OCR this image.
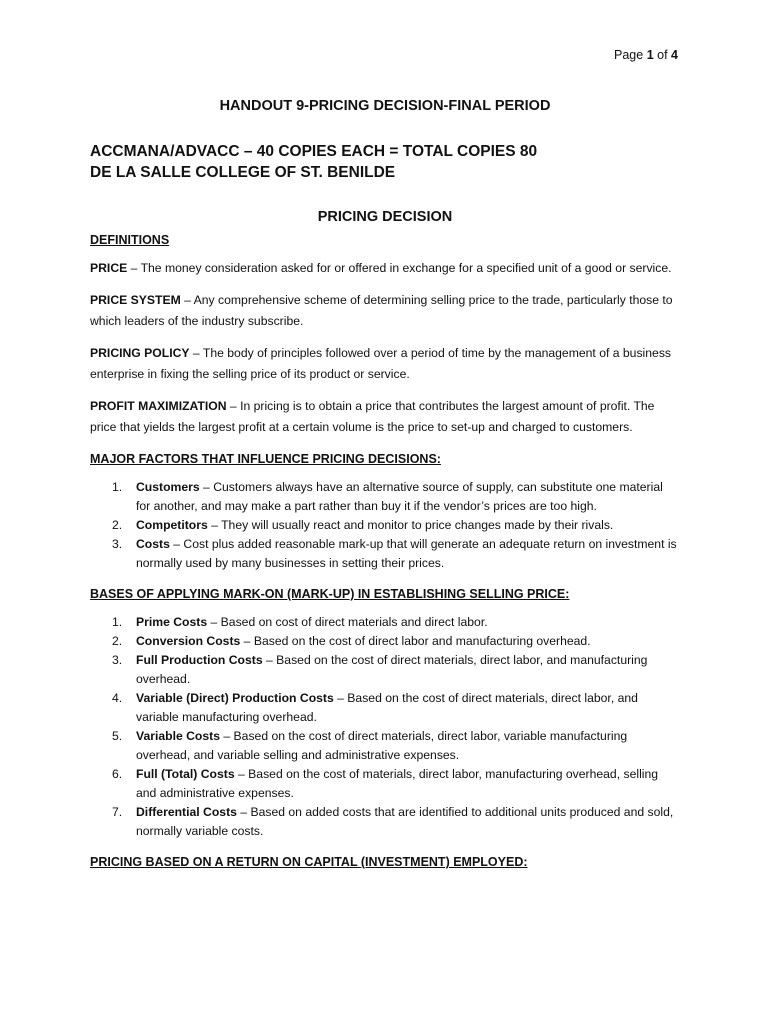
Page 1 of 4

HANDOUT 9-PRICING DECISION-FINAL PERIOD

ACCMANA/ADVACC – 40 COPIES EACH = TOTAL COPIES 80

DE LA SALLE COLLEGE OF ST. BENILDE

PRICING DECISION

DEFINITIONS

PRICE – The money consideration asked for or offered in exchange for a specified unit of a good or service.

PRICE SYSTEM – Any comprehensive scheme of determining selling price to the trade, particularly those to which leaders of the industry subscribe.

PRICING POLICY – The body of principles followed over a period of time by the management of a business enterprise in fixing the selling price of its product or service.

PROFIT MAXIMIZATION – In pricing is to obtain a price that contributes the largest amount of profit. The price that yields the largest profit at a certain volume is the price to set-up and charged to customers.

MAJOR FACTORS THAT INFLUENCE PRICING DECISIONS:

1.	Customers – Customers always have an alternative source of supply, can substitute one material for another, and may make a part rather than buy it if the vendor’s prices are too high.
2.	Competitors – They will usually react and monitor to price changes made by their rivals.
3.	Costs – Cost plus added reasonable mark-up that will generate an adequate return on investment is normally used by many businesses in setting their prices.

BASES OF APPLYING MARK-ON (MARK-UP) IN ESTABLISHING SELLING PRICE:

1.	Prime Costs – Based on cost of direct materials and direct labor.
2.	Conversion Costs – Based on the cost of direct labor and manufacturing overhead.
3.	Full Production Costs – Based on the cost of direct materials, direct labor, and manufacturing overhead.
4.	Variable (Direct) Production Costs – Based on the cost of direct materials, direct labor, and variable manufacturing overhead.
5.	Variable Costs – Based on the cost of direct materials, direct labor, variable manufacturing overhead, and variable selling and administrative expenses.
6.	Full (Total) Costs – Based on the cost of materials, direct labor, manufacturing overhead, selling and administrative expenses.
7.	Differential Costs – Based on added costs that are identified to additional units produced and sold, normally variable costs.

PRICING BASED ON A RETURN ON CAPITAL (INVESTMENT) EMPLOYED:
